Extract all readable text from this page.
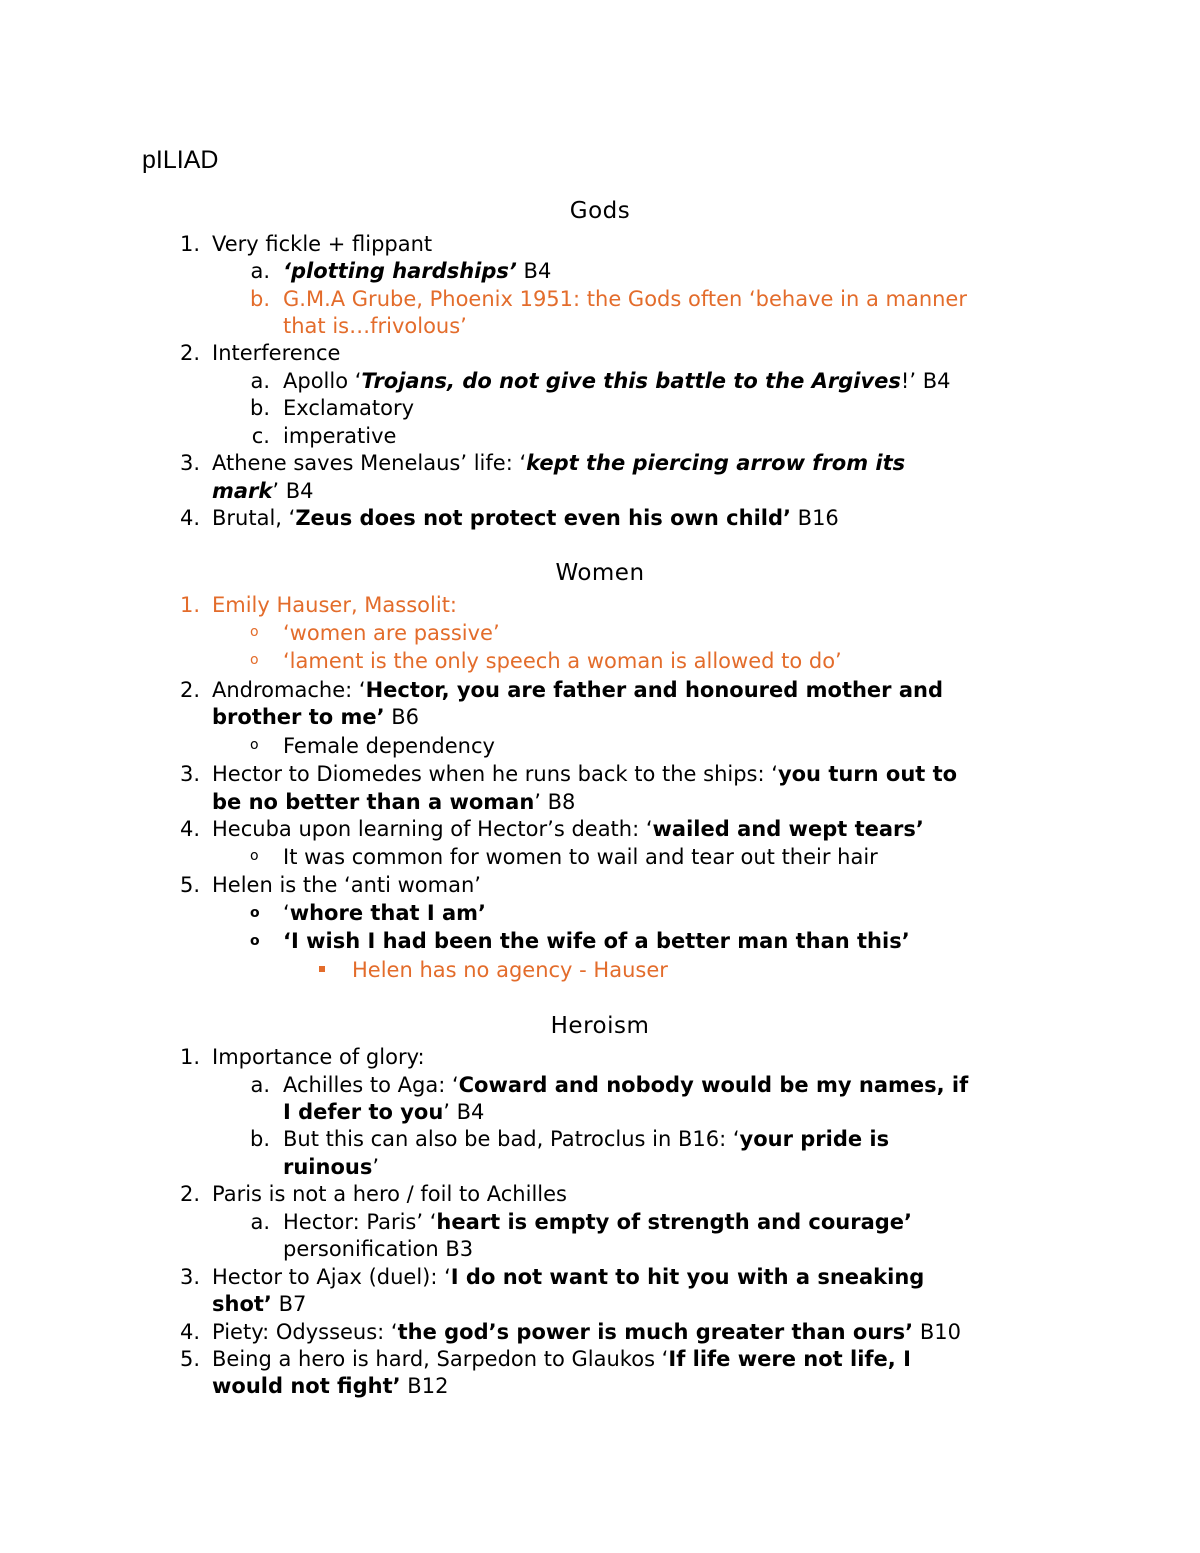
pILIAD
Gods
1. Very fickle + flippant
a. ‘plotting hardships’ B4
b. G.M.A Grube, Phoenix 1951: the Gods often ‘behave in a manner
that is…frivolous’
2. Interference
a. Apollo ‘Trojans, do not give this battle to the Argives!’ B4
b. Exclamatory
c. imperative
3. Athene saves Menelaus’ life: ‘kept the piercing arrow from its
mark’ B4
4. Brutal, ‘Zeus does not protect even his own child’ B16
Women
1. Emily Hauser, Massolit:
o ‘women are passive’
o ‘lament is the only speech a woman is allowed to do’
2. Andromache: ‘Hector, you are father and honoured mother and
brother to me’ B6
o Female dependency
3. Hector to Diomedes when he runs back to the ships: ‘you turn out to
be no better than a woman’ B8
4. Hecuba upon learning of Hector’s death: ‘wailed and wept tears’
o It was common for women to wail and tear out their hair
5. Helen is the ‘anti woman’
o ‘whore that I am’
o ‘I wish I had been the wife of a better man than this’
Helen has no agency - Hauser
Heroism
1. Importance of glory:
a. Achilles to Aga: ‘Coward and nobody would be my names, if
I defer to you’ B4
b. But this can also be bad, Patroclus in B16: ‘your pride is
ruinous’
2. Paris is not a hero / foil to Achilles
a. Hector: Paris’ ‘heart is empty of strength and courage’
personification B3
3. Hector to Ajax (duel): ‘I do not want to hit you with a sneaking
shot’ B7
4. Piety: Odysseus: ‘the god’s power is much greater than ours’ B10
5. Being a hero is hard, Sarpedon to Glaukos ‘If life were not life, I
would not fight’ B12
